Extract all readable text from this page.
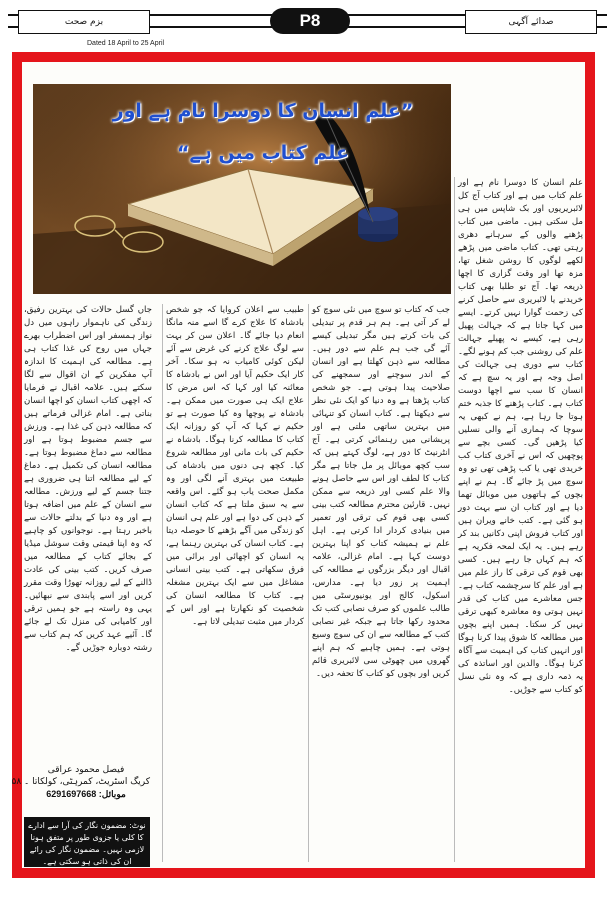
بزم صحت	صدائے آگہی
P8
Dated 18 April to 25 April
”علم انسان کا دوسرا نام ہے اور علم کتاب میں ہے“

علم انسان کا دوسرا نام ہے اور علم کتاب میں ہے اور کتاب آج کل لائبریریوں اور بک شاپس میں ہی مل سکتی ہیں۔ ماضی میں کتاب پڑھنے والوں کے سرہانے دھری رہتی تھی۔ کتاب ماضی میں پڑھے لکھے لوگوں کا روشن شغل تھا، مزہ تھا اور وقت گزاری کا اچھا ذریعہ تھا۔ آج تو طلبا بھی کتاب خریدنے یا لائبریری سے حاصل کرنے کی زحمت گوارا نہیں کرتے۔ ایسے میں کہا جاتا ہے کہ جہالت پھیل رہی ہے، کیسے نہ پھیلے جہالت علم کی روشنی جب کم ہونے لگے۔ کتاب سے دوری ہی جہالت کی اصل وجہ ہے اور یہ سچ ہے کہ انسان کا سب سے اچھا دوست کتاب ہے۔ کتاب پڑھنے کا جذبہ ختم ہوتا جا رہا ہے، ہم نے کبھی یہ سوچا کہ ہماری آنے والی نسلیں کیا پڑھیں گی۔ کسی بچے سے پوچھیں کہ اس نے آخری کتاب کب خریدی تھی یا کب پڑھی تھی تو وہ سوچ میں پڑ جائے گا۔ ہم نے اپنے بچوں کے ہاتھوں میں موبائل تھما دیا ہے اور کتاب ان سے بہت دور ہو گئی ہے۔ کتب خانے ویران ہیں اور کتاب فروش اپنی دکانیں بند کر رہے ہیں۔ یہ ایک لمحہ فکریہ ہے کہ ہم کہاں جا رہے ہیں۔ کسی بھی قوم کی ترقی کا راز علم میں ہے اور علم کا سرچشمہ کتاب ہے۔ جس معاشرے میں کتاب کی قدر نہیں ہوتی وہ معاشرہ کبھی ترقی نہیں کر سکتا۔ ہمیں اپنے بچوں میں مطالعہ کا شوق پیدا کرنا ہوگا اور انہیں کتاب کی اہمیت سے آگاہ کرنا ہوگا۔ والدین اور اساتذہ کی یہ ذمہ داری ہے کہ وہ نئی نسل کو کتاب سے جوڑیں۔

جب کہ کتاب تو سوچ میں نئی سوچ کو لے کر آتی ہے۔ ہم ہر قدم پر تبدیلی کی بات کرتے ہیں مگر تبدیلی کیسے آئے گی جب ہم علم سے دور ہیں۔ مطالعہ سے ذہن کھلتا ہے اور انسان کے اندر سوچنے اور سمجھنے کی صلاحیت پیدا ہوتی ہے۔ جو شخص کتاب پڑھتا ہے وہ دنیا کو ایک نئی نظر سے دیکھتا ہے۔ کتاب انسان کو تنہائی میں بہترین ساتھی ملتی ہے اور پریشانی میں رہنمائی کرتی ہے۔ آج انٹرنیٹ کا دور ہے، لوگ کہتے ہیں کہ سب کچھ موبائل پر مل جاتا ہے مگر کتاب کا لطف اور اس سے حاصل ہونے والا علم کسی اور ذریعہ سے ممکن نہیں۔ قارئین محترم مطالعہ کتب بینی کسی بھی قوم کی ترقی اور تعمیر میں بنیادی کردار ادا کرتی ہے۔ اہل علم نے ہمیشہ کتاب کو اپنا بہترین دوست کہا ہے۔ امام غزالی، علامہ اقبال اور دیگر بزرگوں نے مطالعہ کی اہمیت پر زور دیا ہے۔ مدارس، اسکول، کالج اور یونیورسٹی میں طالب علموں کو صرف نصابی کتب تک محدود رکھا جاتا ہے جبکہ غیر نصابی کتب کے مطالعہ سے ان کی سوچ وسیع ہوتی ہے۔ ہمیں چاہیے کہ ہم اپنے گھروں میں چھوٹی سی لائبریری قائم کریں اور بچوں کو کتاب کا تحفہ دیں۔

طبیب سے اعلان کروایا کہ جو شخص بادشاہ کا علاج کرے گا اسے منہ مانگا انعام دیا جائے گا۔ اعلان سن کر بہت سے لوگ علاج کرنے کی غرض سے آئے لیکن کوئی کامیاب نہ ہو سکا۔ آخر کار ایک حکیم آیا اور اس نے بادشاہ کا معائنہ کیا اور کہا کہ اس مرض کا علاج ایک ہی صورت میں ممکن ہے۔ بادشاہ نے پوچھا وہ کیا صورت ہے تو حکیم نے کہا کہ آپ کو روزانہ ایک کتاب کا مطالعہ کرنا ہوگا۔ بادشاہ نے حکیم کی بات مانی اور مطالعہ شروع کیا۔ کچھ ہی دنوں میں بادشاہ کی طبیعت میں بہتری آنے لگی اور وہ مکمل صحت یاب ہو گئے۔ اس واقعہ سے یہ سبق ملتا ہے کہ کتاب انسان کے ذہن کی دوا ہے اور علم ہی انسان کو زندگی میں آگے بڑھنے کا حوصلہ دیتا ہے۔ کتاب انسان کی بہترین رہنما ہے، یہ انسان کو اچھائی اور برائی میں فرق سکھاتی ہے۔ کتب بینی انسانی مشاغل میں سے ایک بہترین مشغلہ ہے۔ کتاب کا مطالعہ انسان کی شخصیت کو نکھارتا ہے اور اس کے کردار میں مثبت تبدیلی لاتا ہے۔

جاں گسل حالات کی بہترین رفیق، زندگی کی ناہموار راہوں میں دل نواز ہمسفر اور اس اضطراب بھرے جہاں میں روح کی غذا کتاب ہی ہے۔ مطالعہ کی اہمیت کا اندازہ آپ مفکرین کے ان اقوال سے لگا سکتے ہیں۔ علامہ اقبال نے فرمایا کہ اچھی کتاب انسان کو اچھا انسان بناتی ہے۔ امام غزالی فرماتے ہیں کہ مطالعہ ذہن کی غذا ہے۔ ورزش سے جسم مضبوط ہوتا ہے اور مطالعہ سے دماغ مضبوط ہوتا ہے۔ مطالعہ انسان کی تکمیل ہے۔ دماغ کے لیے مطالعہ اتنا ہی ضروری ہے جتنا جسم کے لیے ورزش۔ مطالعہ سے انسان کے علم میں اضافہ ہوتا ہے اور وہ دنیا کے بدلتے حالات سے باخبر رہتا ہے۔ نوجوانوں کو چاہیے کہ وہ اپنا قیمتی وقت سوشل میڈیا کے بجائے کتاب کے مطالعہ میں صرف کریں۔ کتب بینی کی عادت ڈالنے کے لیے روزانہ تھوڑا وقت مقرر کریں اور اسے پابندی سے نبھائیں۔ یہی وہ راستہ ہے جو ہمیں ترقی اور کامیابی کی منزل تک لے جائے گا۔ آئیے عہد کریں کہ ہم کتاب سے رشتہ دوبارہ جوڑیں گے۔

فیصل محمود عراقی
کریگ اسٹریٹ، کمرہٹی، کولکاتا ۔ ۵۸
موبائل: 6291697668
نوٹ: مضمون نگار کی آرا سے ادارے کا کلی یا جزوی طور پر متفق ہونا لازمی نہیں۔ مضمون نگار کی رائے ان کی ذاتی ہو سکتی ہے۔
